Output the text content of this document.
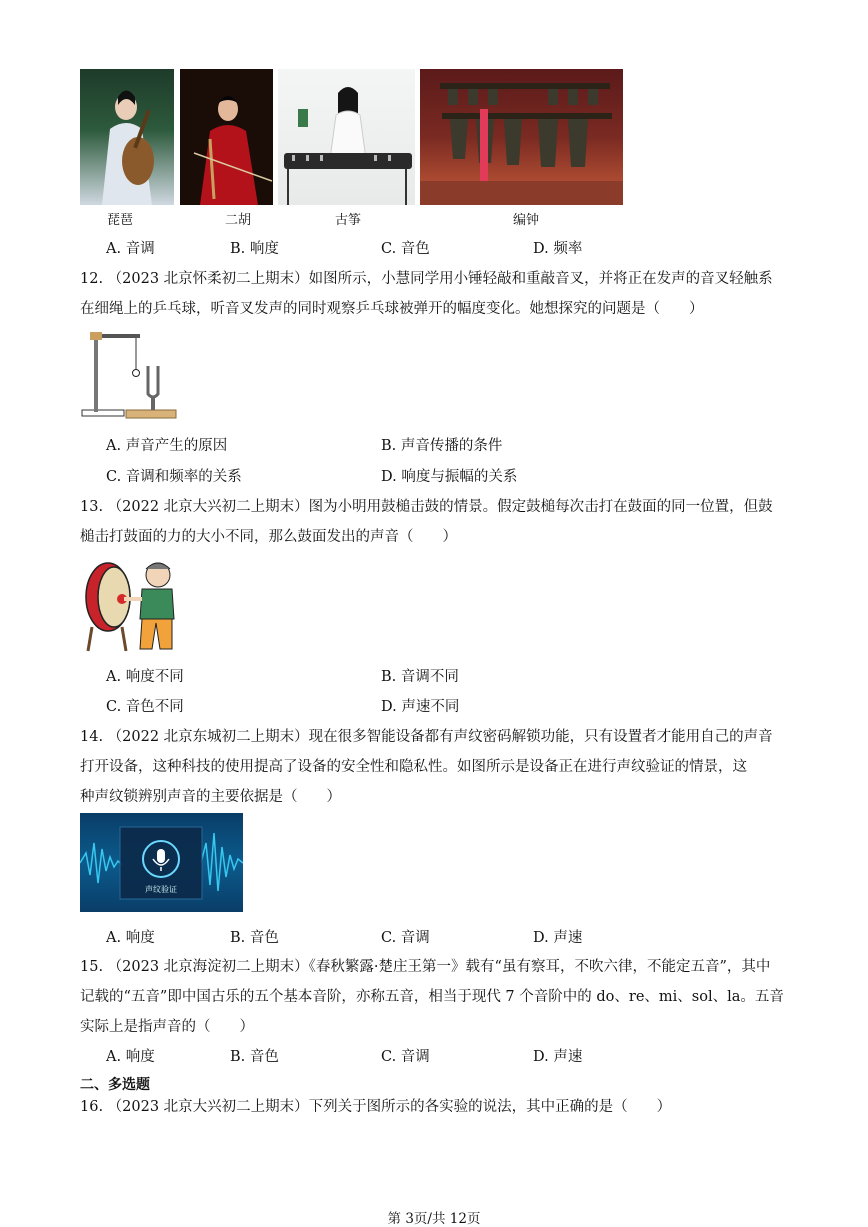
琵琶	二胡	古筝	编钟
A. 音调	B. 响度	C. 音色	D. 频率
12. （2023 北京怀柔初二上期末）如图所示，小慧同学用小锤轻敲和重敲音叉，并将正在发声的音叉轻触系
在细绳上的乒乓球，听音叉发声的同时观察乒乓球被弹开的幅度变化。她想探究的问题是（　　）
A. 声音产生的原因	B. 声音传播的条件
C. 音调和频率的关系	D. 响度与振幅的关系
13. （2022 北京大兴初二上期末）图为小明用鼓槌击鼓的情景。假定鼓槌每次击打在鼓面的同一位置，但鼓
槌击打鼓面的力的大小不同，那么鼓面发出的声音（　　）
A. 响度不同	B. 音调不同
C. 音色不同	D. 声速不同
14. （2022 北京东城初二上期末）现在很多智能设备都有声纹密码解锁功能，只有设置者才能用自己的声音
打开设备，这种科技的使用提高了设备的安全性和隐私性。如图所示是设备正在进行声纹验证的情景，这
种声纹锁辨别声音的主要依据是（　　）
声纹验证
A. 响度	B. 音色	C. 音调	D. 声速
15. （2023 北京海淀初二上期末）《春秋繁露·楚庄王第一》载有“虽有察耳，不吹六律，不能定五音”，其中
记载的“五音”即中国古乐的五个基本音阶，亦称五音，相当于现代 7 个音阶中的 do、re、mi、sol、la。五音
实际上是指声音的（　　）
A. 响度	B. 音色	C. 音调	D. 声速
二、多选题
16. （2023 北京大兴初二上期末）下列关于图所示的各实验的说法，其中正确的是（　　）
第 3页/共 12页
